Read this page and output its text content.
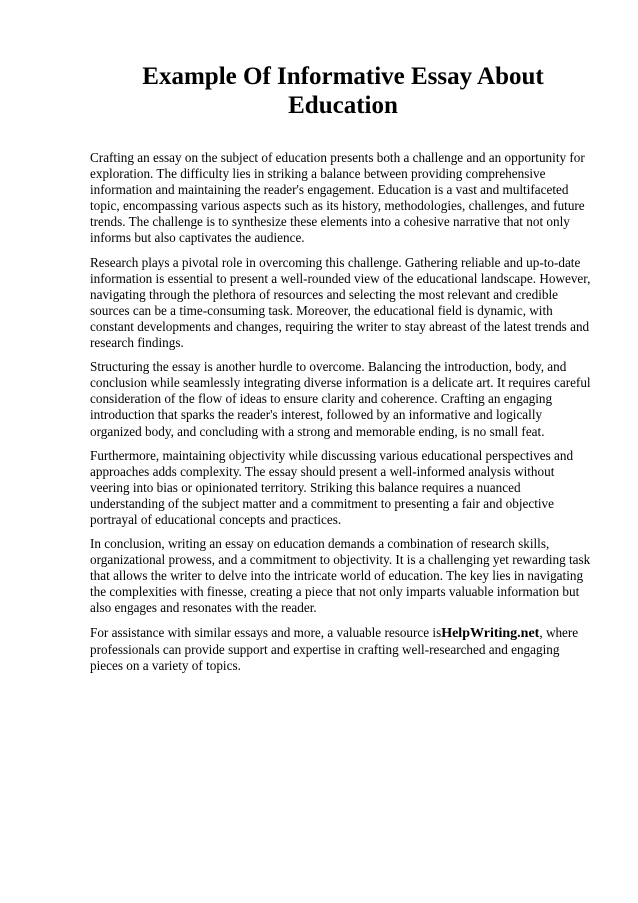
Example Of Informative Essay About Education

Crafting an essay on the subject of education presents both a challenge and an opportunity for exploration. The difficulty lies in striking a balance between providing comprehensive information and maintaining the reader's engagement. Education is a vast and multifaceted topic, encompassing various aspects such as its history, methodologies, challenges, and future trends. The challenge is to synthesize these elements into a cohesive narrative that not only informs but also captivates the audience.

Research plays a pivotal role in overcoming this challenge. Gathering reliable and up-to-date information is essential to present a well-rounded view of the educational landscape. However, navigating through the plethora of resources and selecting the most relevant and credible sources can be a time-consuming task. Moreover, the educational field is dynamic, with constant developments and changes, requiring the writer to stay abreast of the latest trends and research findings.

Structuring the essay is another hurdle to overcome. Balancing the introduction, body, and conclusion while seamlessly integrating diverse information is a delicate art. It requires careful consideration of the flow of ideas to ensure clarity and coherence. Crafting an engaging introduction that sparks the reader's interest, followed by an informative and logically organized body, and concluding with a strong and memorable ending, is no small feat.

Furthermore, maintaining objectivity while discussing various educational perspectives and approaches adds complexity. The essay should present a well-informed analysis without veering into bias or opinionated territory. Striking this balance requires a nuanced understanding of the subject matter and a commitment to presenting a fair and objective portrayal of educational concepts and practices.

In conclusion, writing an essay on education demands a combination of research skills, organizational prowess, and a commitment to objectivity. It is a challenging yet rewarding task that allows the writer to delve into the intricate world of education. The key lies in navigating the complexities with finesse, creating a piece that not only imparts valuable information but also engages and resonates with the reader.

For assistance with similar essays and more, a valuable resource isHelpWriting.net, where professionals can provide support and expertise in crafting well-researched and engaging pieces on a variety of topics.
